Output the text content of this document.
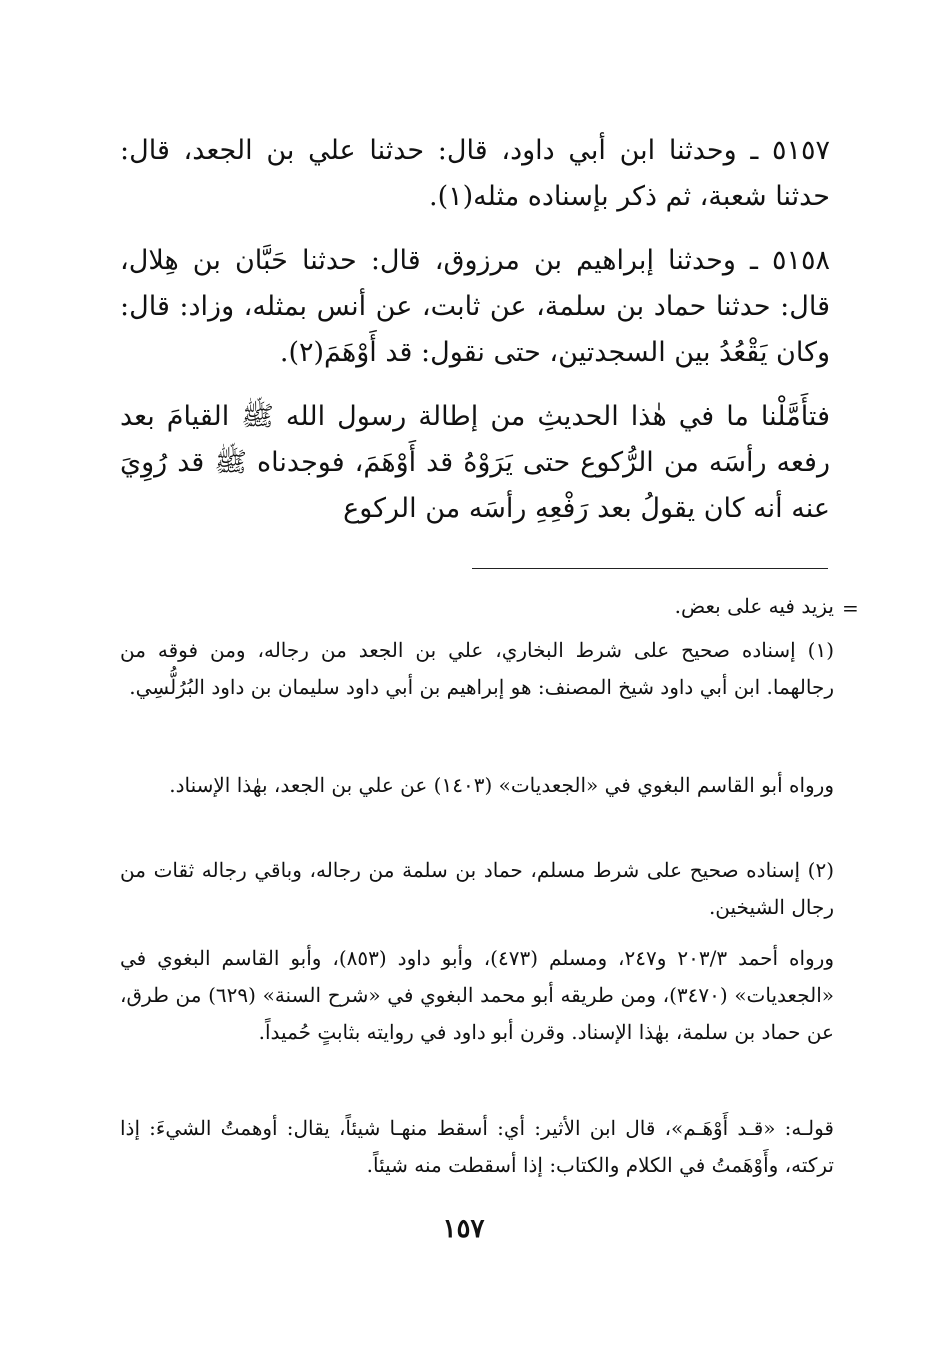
٥١٥٧ ـ وحدثنا ابن أبي داود، قال: حدثنا علي بن الجعد، قال: حدثنا شعبة، ثم ذكر بإسناده مثله(١).

٥١٥٨ ـ وحدثنا إبراهيم بن مرزوق، قال: حدثنا حَبَّان بن هِلال، قال: حدثنا حماد بن سلمة، عن ثابت، عن أنس بمثله، وزاد: قال: وكان يَقْعُدُ بين السجدتين، حتى نقول: قد أَوْهَمَ(٢).

فتأَمَّلْنا ما في هٰذا الحديثِ من إطالة رسول الله ﷺ القيامَ بعد رفعه رأسَه من الرُّكوع حتى يَرَوْهُ قد أَوْهَمَ، فوجدناه ﷺ قد رُوِيَ عنه أنه كان يقولُ بعد رَفْعِهِ رأسَه من الركوع

=

يزيد فيه على بعض.

(١) إسناده صحيح على شرط البخاري، علي بن الجعد من رجاله، ومن فوقه من رجالهما. ابن أبي داود شيخ المصنف: هو إبراهيم بن أبي داود سليمان بن داود البُرُلُّسِي.

ورواه أبو القاسم البغوي في «الجعديات» (١٤٠٣) عن علي بن الجعد، بهٰذا الإسناد.

(٢) إسناده صحيح على شرط مسلم، حماد بن سلمة من رجاله، وباقي رجاله ثقات من رجال الشيخين.

ورواه أحمد ٢٠٣/٣ و٢٤٧، ومسلم (٤٧٣)، وأبو داود (٨٥٣)، وأبو القاسم البغوي في «الجعديات» (٣٤٧٠)، ومن طريقه أبو محمد البغوي في «شرح السنة» (٦٢٩) من طرق، عن حماد بن سلمة، بهٰذا الإسناد. وقرن أبو داود في روايته بثابتٍ حُميداً.

قولـه: «قـد أَوْهَـم»، قال ابن الأثير: أي: أسقط منهـا شيئاً، يقال: أوهمتُ الشيءَ: إذا تركته، وأَوْهَمتُ في الكلام والكتاب: إذا أسقطت منه شيئاً.

١٥٧
